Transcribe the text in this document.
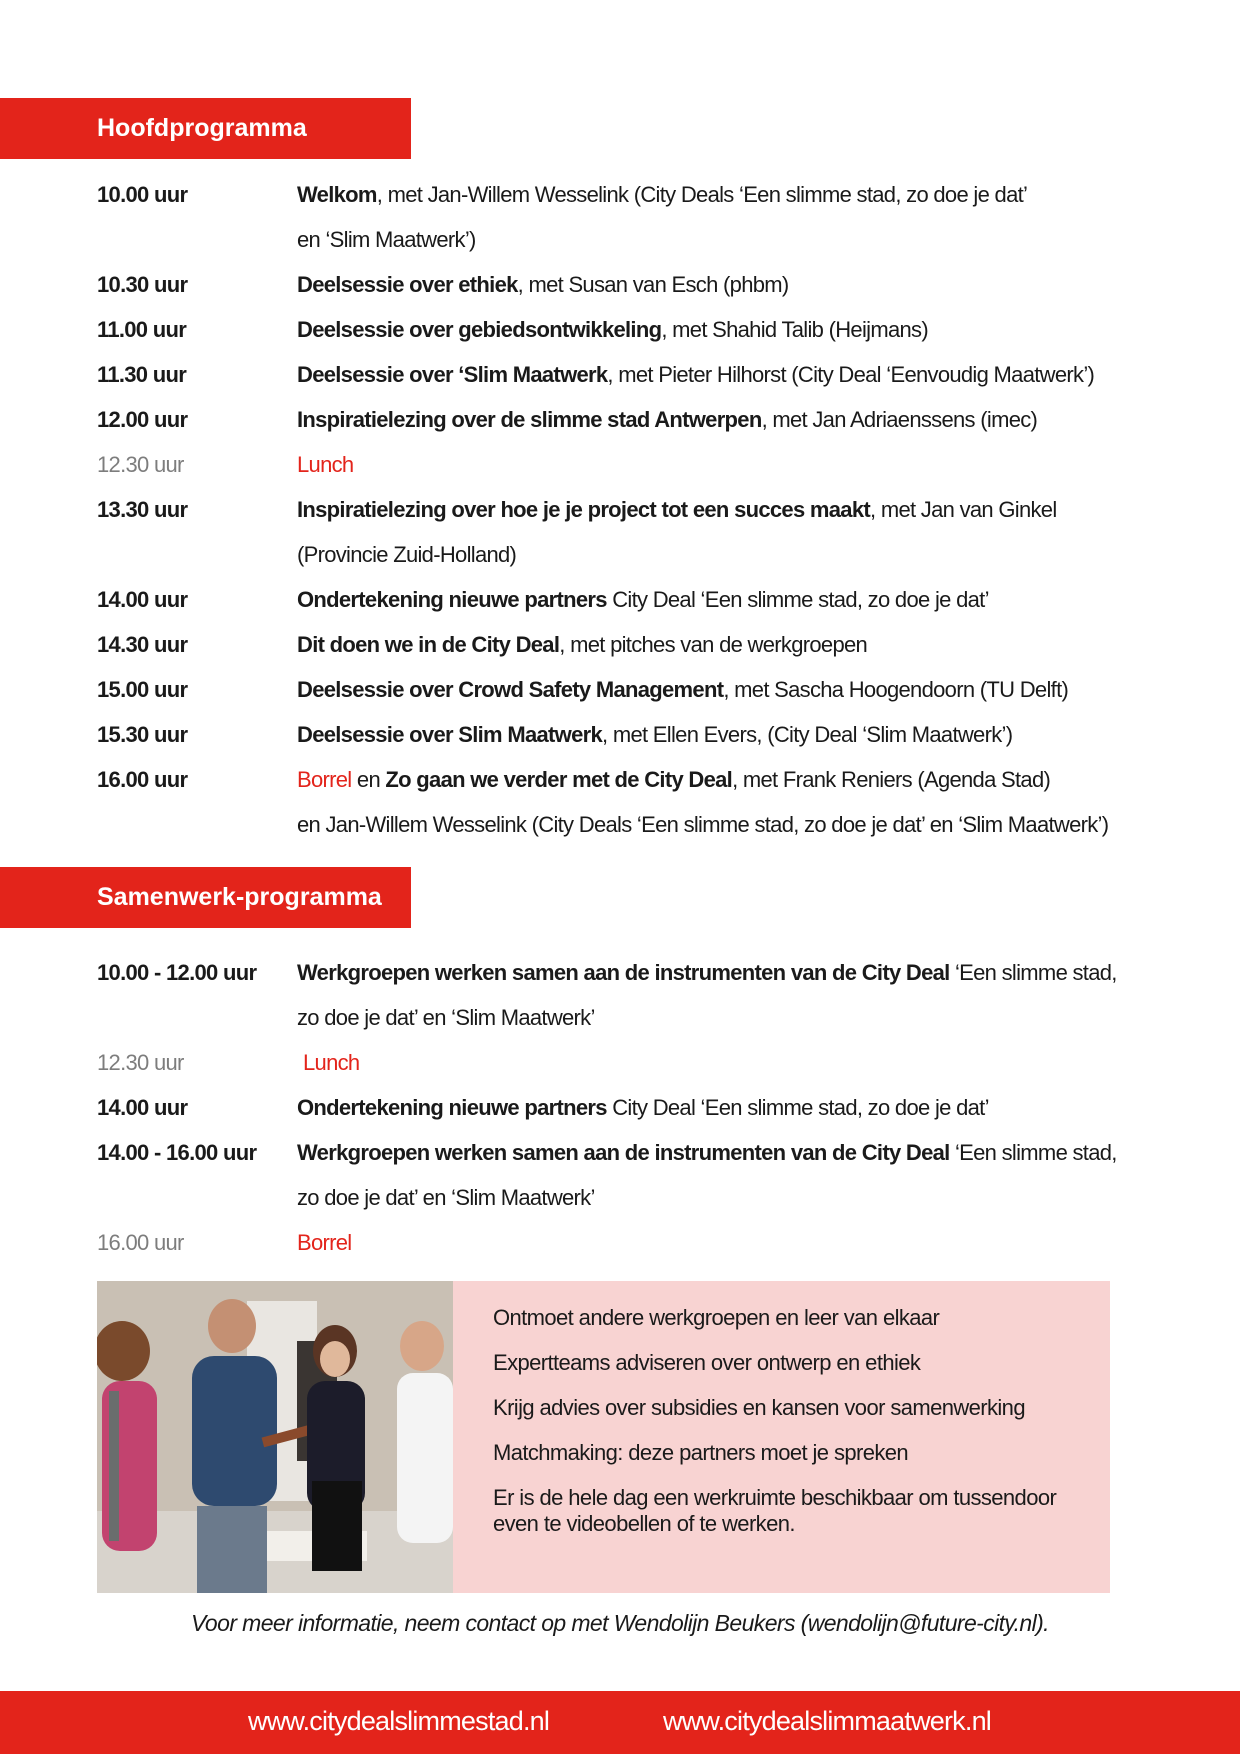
Hoofdprogramma
10.00 uur	Welkom, met Jan-Willem Wesselink (City Deals ‘Een slimme stad, zo doe je dat’
en ‘Slim Maatwerk’)
10.30 uur	Deelsessie over ethiek, met Susan van Esch (phbm)
11.00 uur	Deelsessie over gebiedsontwikkeling, met Shahid Talib (Heijmans)
11.30 uur	Deelsessie over ‘Slim Maatwerk, met Pieter Hilhorst (City Deal ‘Eenvoudig Maatwerk’)
12.00 uur	Inspiratielezing over de slimme stad Antwerpen, met Jan Adriaenssens (imec)
12.30 uur	Lunch
13.30 uur	Inspiratielezing over hoe je je project tot een succes maakt, met Jan van Ginkel
(Provincie Zuid-Holland)
14.00 uur	Ondertekening nieuwe partners City Deal ‘Een slimme stad, zo doe je dat’
14.30 uur	Dit doen we in de City Deal, met pitches van de werkgroepen
15.00 uur	Deelsessie over Crowd Safety Management, met Sascha Hoogendoorn (TU Delft)
15.30 uur	Deelsessie over Slim Maatwerk, met Ellen Evers, (City Deal ‘Slim Maatwerk’)
16.00 uur	Borrel en Zo gaan we verder met de City Deal, met Frank Reniers (Agenda Stad)
en Jan-Willem Wesselink (City Deals ‘Een slimme stad, zo doe je dat’ en ‘Slim Maatwerk’)
Samenwerk-programma
10.00 - 12.00 uur	Werkgroepen werken samen aan de instrumenten van de City Deal ‘Een slimme stad,
zo doe je dat’ en ‘Slim Maatwerk’
12.30 uur	Lunch
14.00 uur	Ondertekening nieuwe partners City Deal ‘Een slimme stad, zo doe je dat’
14.00 - 16.00 uur	Werkgroepen werken samen aan de instrumenten van de City Deal ‘Een slimme stad,
zo doe je dat’ en ‘Slim Maatwerk’
16.00 uur	Borrel
Ontmoet andere werkgroepen en leer van elkaar
Expertteams adviseren over ontwerp en ethiek
Krijg advies over subsidies en kansen voor samenwerking
Matchmaking: deze partners moet je spreken
Er is de hele dag een werkruimte beschikbaar om tussendoor even te videobellen of te werken.
Voor meer informatie, neem contact op met Wendolijn Beukers (wendolijn@future-city.nl).
www.citydealslimmestad.nl	www.citydealslimmaatwerk.nl
